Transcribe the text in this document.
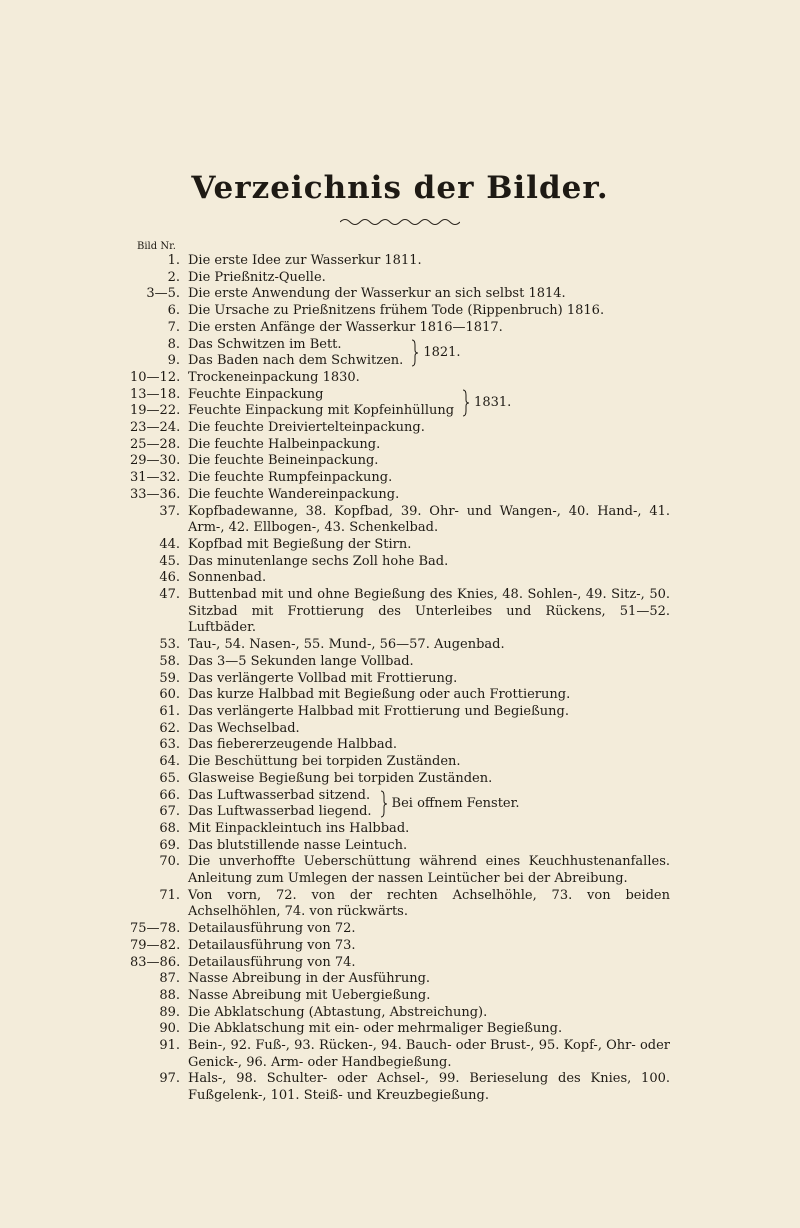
Verzeichnis der Bilder.
Bild Nr.
1. Die erste Idee zur Wasserkur 1811.
2. Die Prießnitz-Quelle.
3—5. Die erste Anwendung der Wasserkur an sich selbst 1814.
6. Die Ursache zu Prießnitzens frühem Tode (Rippenbruch) 1816.
7. Die ersten Anfänge der Wasserkur 1816—1817.
8. Das Schwitzen im Bett.
9. Das Baden nach dem Schwitzen.
1821.
10—12. Trockeneinpackung 1830.
13—18. Feuchte Einpackung
19—22. Feuchte Einpackung mit Kopfeinhüllung
1831.
23—24. Die feuchte Dreiviertelteinpackung.
25—28. Die feuchte Halbeinpackung.
29—30. Die feuchte Beineinpackung.
31—32. Die feuchte Rumpfeinpackung.
33—36. Die feuchte Wandereinpackung.
37. Kopfbadewanne, 38. Kopfbad, 39. Ohr- und Wangen-, 40. Hand-, 41. Arm-, 42. Ellbogen-, 43. Schenkelbad.
44. Kopfbad mit Begießung der Stirn.
45. Das minutenlange sechs Zoll hohe Bad.
46. Sonnenbad.
47. Buttenbad mit und ohne Begießung des Knies, 48. Sohlen-, 49. Sitz-, 50. Sitzbad mit Frottierung des Unterleibes und Rückens, 51—52. Luftbäder.
53. Tau-, 54. Nasen-, 55. Mund-, 56—57. Augenbad.
58. Das 3—5 Sekunden lange Vollbad.
59. Das verlängerte Vollbad mit Frottierung.
60. Das kurze Halbbad mit Begießung oder auch Frottierung.
61. Das verlängerte Halbbad mit Frottierung und Begießung.
62. Das Wechselbad.
63. Das fiebererzeugende Halbbad.
64. Die Beschüttung bei torpiden Zuständen.
65. Glasweise Begießung bei torpiden Zuständen.
66. Das Luftwasserbad sitzend.
67. Das Luftwasserbad liegend.
Bei offnem Fenster.
68. Mit Einpackleintuch ins Halbbad.
69. Das blutstillende nasse Leintuch.
70. Die unverhoffte Ueberschüttung während eines Keuchhustenanfalles. Anleitung zum Umlegen der nassen Leintücher bei der Abreibung.
71. Von vorn, 72. von der rechten Achselhöhle, 73. von beiden Achselhöhlen, 74. von rückwärts.
75—78. Detailausführung von 72.
79—82. Detailausführung von 73.
83—86. Detailausführung von 74.
87. Nasse Abreibung in der Ausführung.
88. Nasse Abreibung mit Uebergießung.
89. Die Abklatschung (Abtastung, Abstreichung).
90. Die Abklatschung mit ein- oder mehrmaliger Begießung.
91. Bein-, 92. Fuß-, 93. Rücken-, 94. Bauch- oder Brust-, 95. Kopf-, Ohr- oder Genick-, 96. Arm- oder Handbegießung.
97. Hals-, 98. Schulter- oder Achsel-, 99. Berieselung des Knies, 100. Fußgelenk-, 101. Steiß- und Kreuzbegießung.
